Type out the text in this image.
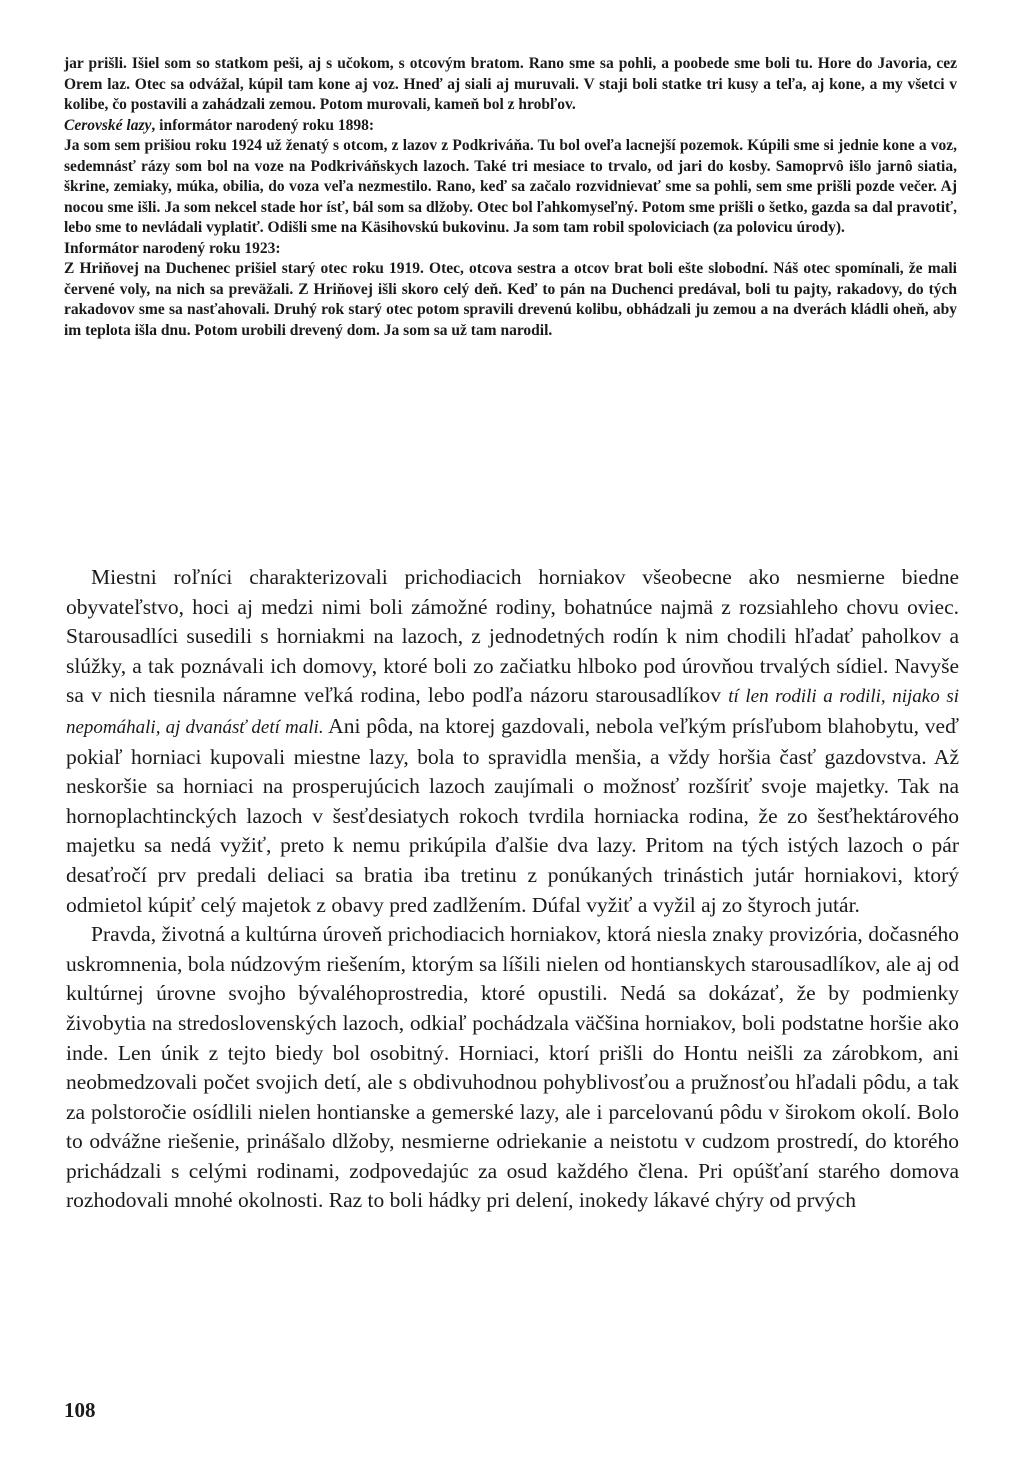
jar prišli. Išiel som so statkom peši, aj s učokom, s otcovým bratom. Rano sme sa pohli, a poobede sme boli tu. Hore do Javoria, cez Orem laz. Otec sa odvážal, kúpil tam kone aj voz. Hneď aj siali aj muruvali. V staji boli statke tri kusy a teľa, aj kone, a my všetci v kolibe, čo postavili a zahádzali zemou. Potom murovali, kameň bol z hrobľov.

Cerovské lazy, informátor narodený roku 1898:

Ja som sem prišiou roku 1924 už ženatý s otcom, z lazov z Podkriváňa. Tu bol oveľa lacnejší pozemok. Kúpili sme si jednie kone a voz, sedemnásť rázy som bol na voze na Podkriváňskych lazoch. Také tri mesiace to trvalo, od jari do kosby. Samoprvô išlo jarnô siatia, škrine, zemiaky, múka, obilia, do voza veľa nezmestilo. Rano, keď sa začalo rozvidnievať sme sa pohli, sem sme prišli pozde večer. Aj nocou sme išli. Ja som nekcel stade hor ísť, bál som sa dlžoby. Otec bol ľahkomyseľný. Potom sme prišli o šetko, gazda sa dal pravotiť, lebo sme to nevládali vyplatiť. Odišli sme na Käsihovskú bukovinu. Ja som tam robil spoloviciach (za polovicu úrody).

Informátor narodený roku 1923:

Z Hriňovej na Duchenec prišiel starý otec roku 1919. Otec, otcova sestra a otcov brat boli ešte slobodní. Náš otec spomínali, že mali červené voly, na nich sa preväžali. Z Hriňovej išli skoro celý deň. Keď to pán na Duchenci predával, boli tu pajty, rakadovy, do tých rakadovov sme sa nasťahovali. Druhý rok starý otec potom spravili drevenú kolibu, obhádzali ju zemou a na dverách kládli oheň, aby im teplota išla dnu. Potom urobili drevený dom. Ja som sa už tam narodil.

Miestni roľníci charakterizovali prichodiacich horniakov všeobecne ako nesmierne biedne obyvateľstvo, hoci aj medzi nimi boli zámožné rodiny, bohatnúce najmä z rozsiahleho chovu oviec. Starousadlíci susedili s horniakmi na lazoch, z jednodetných rodín k nim chodili hľadať paholkov a slúžky, a tak poznávali ich domovy, ktoré boli zo začiatku hlboko pod úrovňou trvalých sídiel. Navyše sa v nich tiesnila náramne veľká rodina, lebo podľa názoru starousadlíkov tí len rodili a rodili, nijako si nepomáhali, aj dvanásť detí mali. Ani pôda, na ktorej gazdovali, nebola veľkým prísľubom blahobytu, veď pokiaľ horniaci kupovali miestne lazy, bola to spravidla menšia, a vždy horšia časť gazdovstva. Až neskoršie sa horniaci na prosperujúcich lazoch zaujímali o možnosť rozšíriť svoje majetky. Tak na hornoplachtinckých lazoch v šesťdesiatych rokoch tvrdila horniacka rodina, že zo šesťhektárového majetku sa nedá vyžiť, preto k nemu prikúpila ďalšie dva lazy. Pritom na tých istých lazoch o pár desaťročí prv predali deliaci sa bratia iba tretinu z ponúkaných trinástich jutár horniakovi, ktorý odmietol kúpiť celý majetok z obavy pred zadlžením. Dúfal vyžiť a vyžil aj zo štyroch jutár.

Pravda, životná a kultúrna úroveň prichodiacich horniakov, ktorá niesla znaky provizória, dočasného uskromnenia, bola núdzovým riešením, ktorým sa líšili nielen od hontianskych starousadlíkov, ale aj od kultúrnej úrovne svojho bývaléhoprostredia, ktoré opustili. Nedá sa dokázať, že by podmienky živobytia na stredoslovenských lazoch, odkiaľ pochádzala väčšina horniakov, boli podstatne horšie ako inde. Len únik z tejto biedy bol osobitný. Horniaci, ktorí prišli do Hontu neišli za zárobkom, ani neobmedzovali počet svojich detí, ale s obdivuhodnou pohyblivosťou a pružnosťou hľadali pôdu, a tak za polstoročie osídlili nielen hontianske a gemerské lazy, ale i parcelovanú pôdu v širokom okolí. Bolo to odvážne riešenie, prinášalo dlžoby, nesmierne odriekanie a neistotu v cudzom prostredí, do ktorého prichádzali s celými rodinami, zodpovedajúc za osud každého člena. Pri opúšťaní starého domova rozhodovali mnohé okolnosti. Raz to boli hádky pri delení, inokedy lákavé chýry od prvých

108
